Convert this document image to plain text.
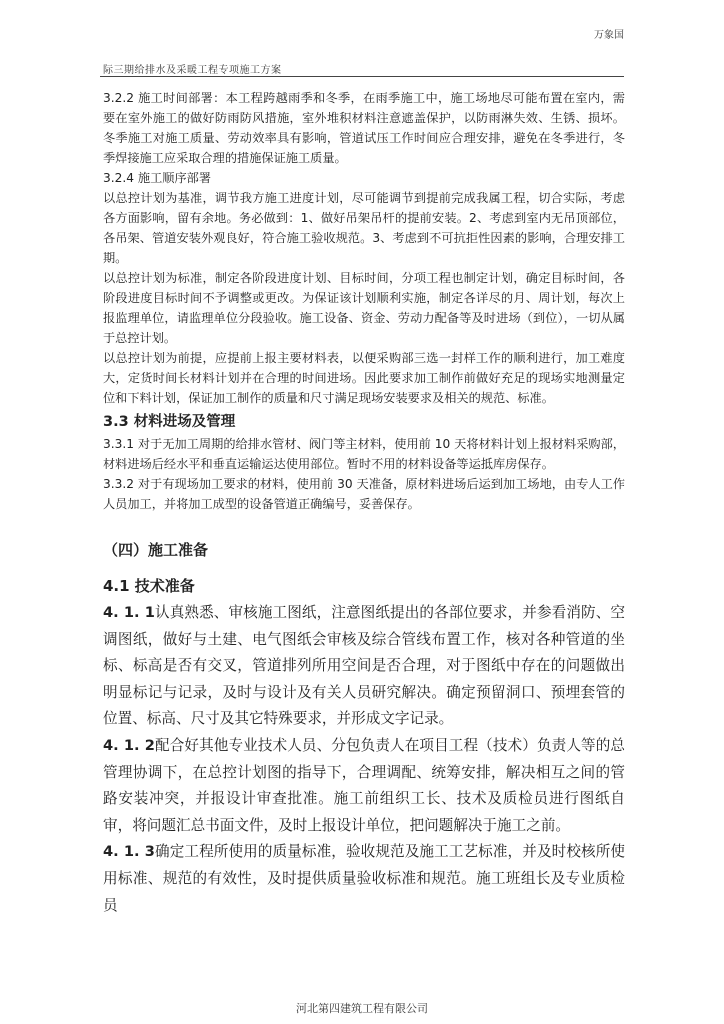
万象国
际三期给排水及采暖工程专项施工方案

3.2.2 施工时间部署：本工程跨越雨季和冬季，在雨季施工中，施工场地尽可能布置在室内，需要在室外施工的做好防雨防风措施，室外堆积材料注意遮盖保护，以防雨淋失效、生锈、损坏。冬季施工对施工质量、劳动效率具有影响，管道试压工作时间应合理安排，避免在冬季进行，冬季焊接施工应采取合理的措施保证施工质量。

3.2.4 施工顺序部署

以总控计划为基准，调节我方施工进度计划，尽可能调节到提前完成我属工程，切合实际，考虑各方面影响，留有余地。务必做到：1、做好吊架吊杆的提前安装。2、考虑到室内无吊顶部位，各吊架、管道安装外观良好，符合施工验收规范。3、考虑到不可抗拒性因素的影响，合理安排工期。

以总控计划为标准，制定各阶段进度计划、目标时间，分项工程也制定计划，确定目标时间，各阶段进度目标时间不予调整或更改。为保证该计划顺利实施，制定各详尽的月、周计划，每次上报监理单位，请监理单位分段验收。施工设备、资金、劳动力配备等及时进场（到位），一切从属于总控计划。

以总控计划为前提，应提前上报主要材料表，以便采购部三选一封样工作的顺利进行，加工难度大，定货时间长材料计划并在合理的时间进场。因此要求加工制作前做好充足的现场实地测量定位和下料计划，保证加工制作的质量和尺寸满足现场安装要求及相关的规范、标准。

3.3 材料进场及管理

3.3.1 对于无加工周期的给排水管材、阀门等主材料，使用前 10 天将材料计划上报材料采购部，材料进场后经水平和垂直运输运达使用部位。暂时不用的材料设备等运抵库房保存。

3.3.2 对于有现场加工要求的材料，使用前 30 天准备，原材料进场后运到加工场地，由专人工作人员加工，并将加工成型的设备管道正确编号，妥善保存。

（四）施工准备

4.1 技术准备

4. 1. 1认真熟悉、审核施工图纸，注意图纸提出的各部位要求，并参看消防、空调图纸，做好与土建、电气图纸会审核及综合管线布置工作，核对各种管道的坐标、标高是否有交叉，管道排列所用空间是否合理，对于图纸中存在的问题做出明显标记与记录，及时与设计及有关人员研究解决。确定预留洞口、预埋套管的位置、标高、尺寸及其它特殊要求，并形成文字记录。

4. 1. 2配合好其他专业技术人员、分包负责人在项目工程（技术）负责人等的总管理协调下，在总控计划图的指导下，合理调配、统筹安排，解决相互之间的管路安装冲突，并报设计审查批准。施工前组织工长、技术及质检员进行图纸自审，将问题汇总书面文件，及时上报设计单位，把问题解决于施工之前。

4. 1. 3确定工程所使用的质量标准，验收规范及施工工艺标准，并及时校核所使用标准、规范的有效性，及时提供质量验收标准和规范。施工班组长及专业质检员

河北第四建筑工程有限公司
